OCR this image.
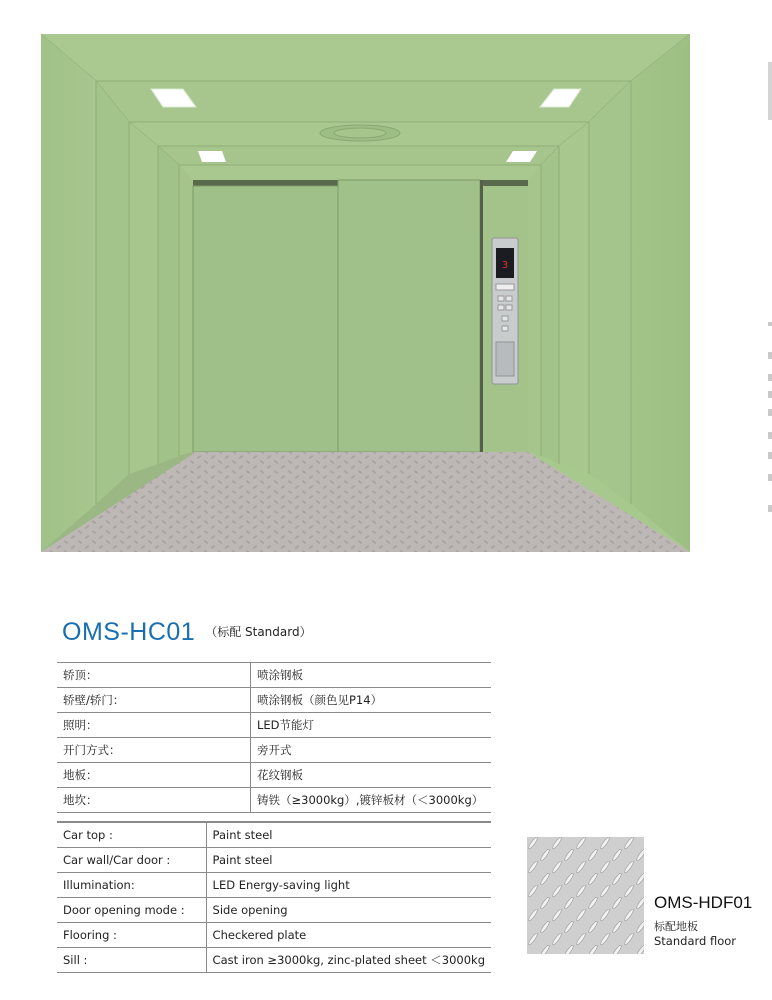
3
OMS-HC01 $^{(标配 Standard)}$
轿顶：	喷涂钢板
轿壁/轿门：	喷涂钢板（颜色见P14）
照明：	LED节能灯
开门方式：	旁开式
地板：	花纹钢板
地坎：	铸铁（≥3000kg）,镀锌板材（＜3000kg）
Car top :	Paint steel
Car wall/Car door :	Paint steel
Illumination:	LED Energy-saving light
Door opening mode :	Side opening
Flooring :	Checkered plate
Sill :	Cast iron ≥3000kg, zinc-plated sheet ＜3000kg
OMS-HDF01
标配地板
Standard floor
